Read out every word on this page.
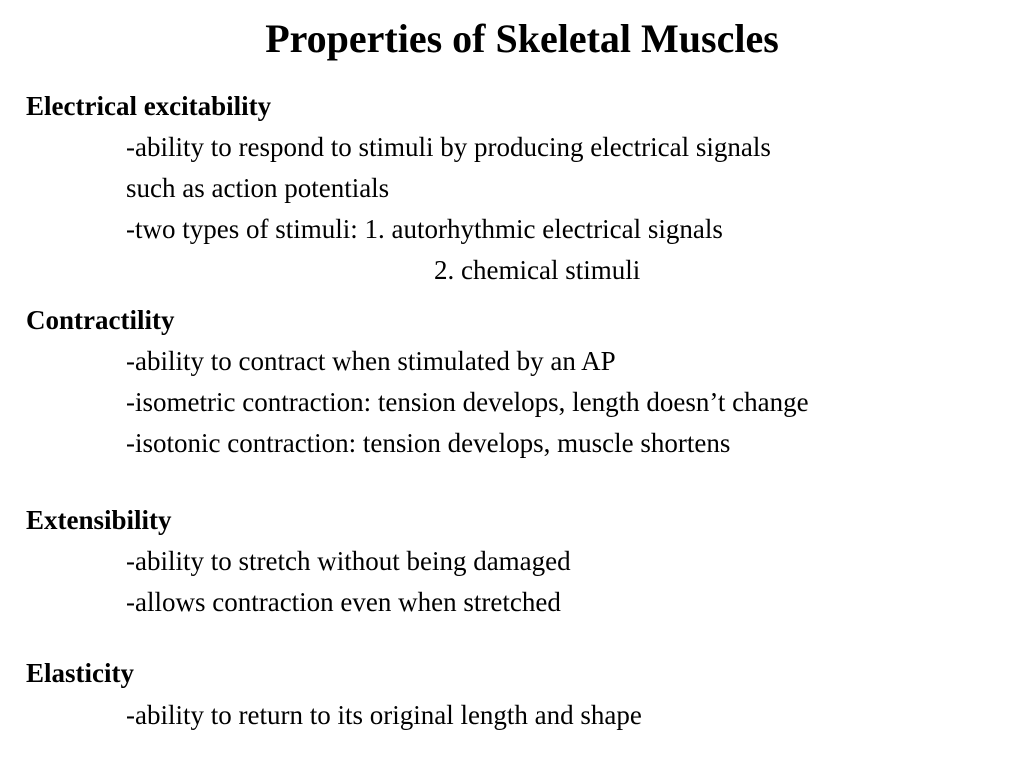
Properties of Skeletal Muscles
Electrical excitability
-ability to respond to stimuli by producing electrical signals
such as action potentials
-two types of stimuli: 1. autorhythmic electrical signals
2. chemical stimuli
Contractility
-ability to contract when stimulated by an AP
-isometric contraction: tension develops, length doesn’t change
-isotonic contraction: tension develops, muscle shortens
Extensibility
-ability to stretch without being damaged
-allows contraction even when stretched
Elasticity
-ability to return to its original length and shape
